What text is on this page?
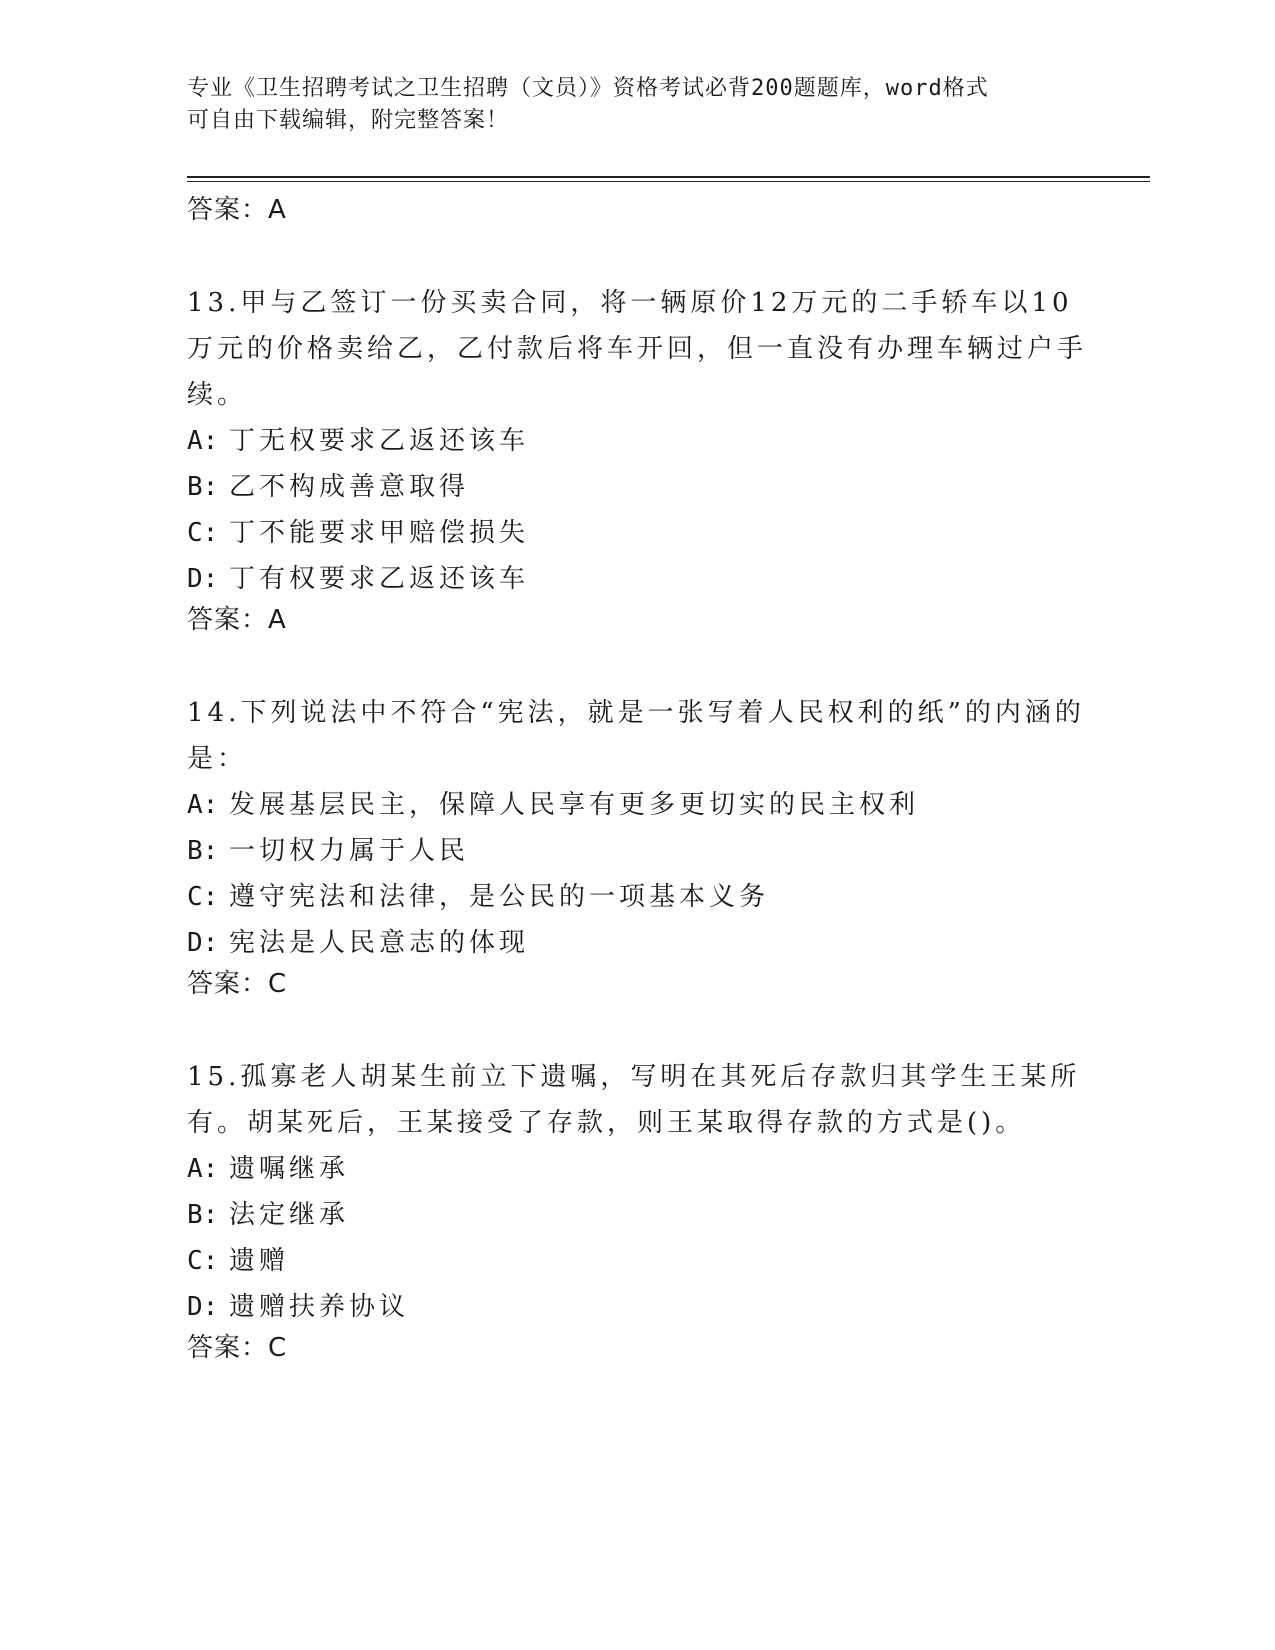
专业《卫生招聘考试之卫生招聘（文员）》资格考试必背200题题库，word格式
可自由下载编辑，附完整答案！

答案：A

13.甲与乙签订一份买卖合同，将一辆原价12万元的二手轿车以10万元的价格卖给乙，乙付款后将车开回，但一直没有办理车辆过户手续。

A: 丁无权要求乙返还该车
B: 乙不构成善意取得
C: 丁不能要求甲赔偿损失
D: 丁有权要求乙返还该车

答案：A

14.下列说法中不符合“宪法，就是一张写着人民权利的纸”的内涵的是：

A: 发展基层民主，保障人民享有更多更切实的民主权利
B: 一切权力属于人民
C: 遵守宪法和法律，是公民的一项基本义务
D: 宪法是人民意志的体现

答案：C

15.孤寡老人胡某生前立下遗嘱，写明在其死后存款归其学生王某所有。胡某死后，王某接受了存款，则王某取得存款的方式是()。

A: 遗嘱继承
B: 法定继承
C: 遗赠
D: 遗赠扶养协议

答案：C
